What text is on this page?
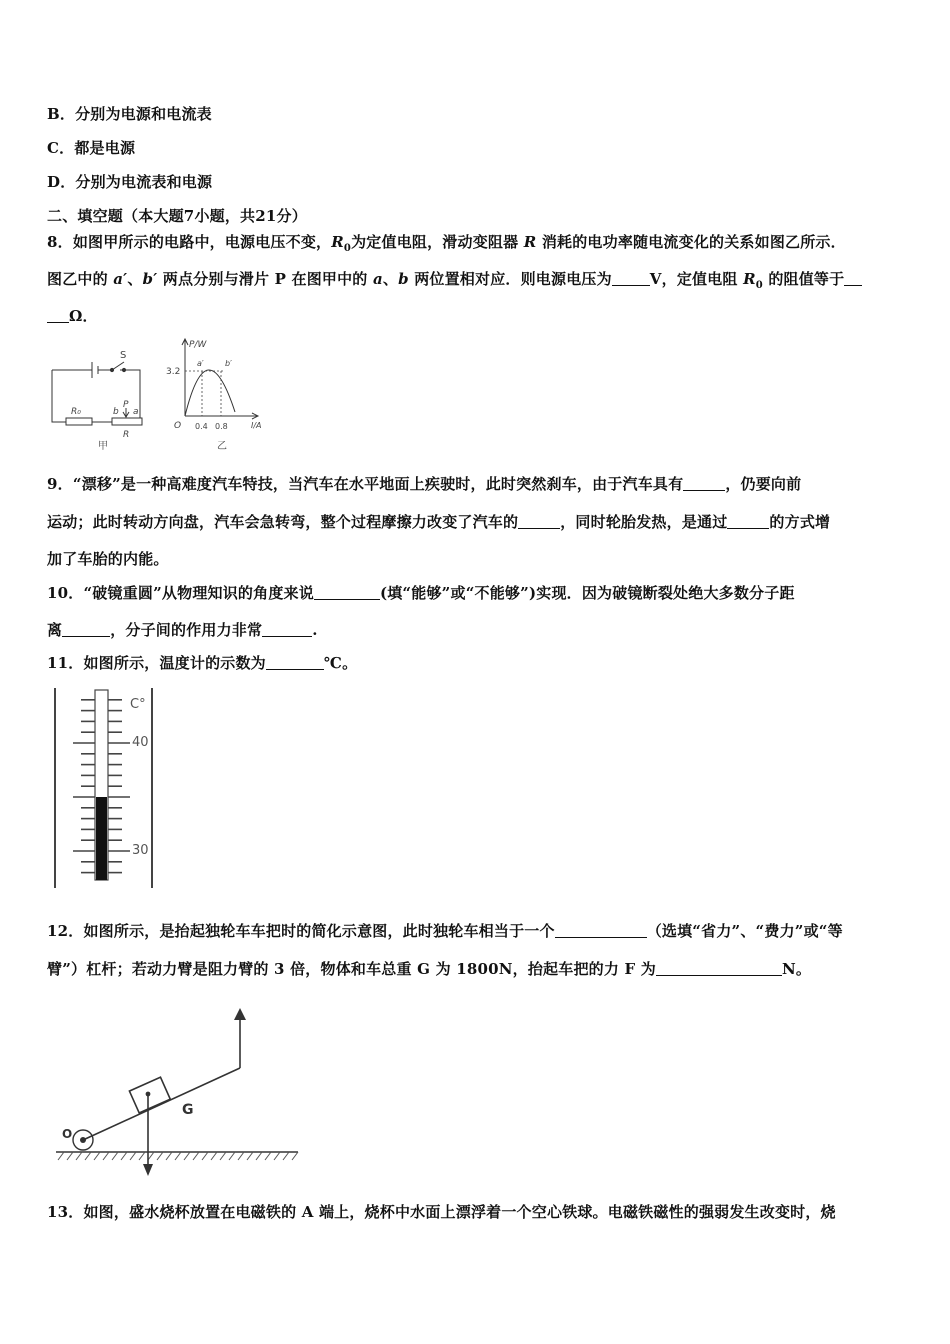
B．分别为电源和电流表
C．都是电源
D．分别为电流表和电源
二、填空题（本大题7小题，共21分）
8．如图甲所示的电路中，电源电压不变，$R_0$为定值电阻，滑动变阻器 R 消耗的电功率随电流变化的关系如图乙所示．
图乙中的 a′、b′ 两点分别与滑片 P 在图甲中的 a、b 两位置相对应．则电源电压为	V，定值电阻 $R_0$ 的阻值等于
Ω．
S
R₀	b
P
a
R
甲
P/W
3.2
a′	b′
O 0.4 0.8	I/A
乙
9．“漂移”是一种高难度汽车特技，当汽车在水平地面上疾驶时，此时突然刹车，由于汽车具有	，仍要向前
运动；此时转动方向盘，汽车会急转弯，整个过程摩擦力改变了汽车的	，同时轮胎发热，是通过	的方式增
加了车胎的内能。
10．“破镜重圆”从物理知识的角度来说	(填“能够”或“不能够”)实现．因为破镜断裂处绝大多数分子距
离	，分子间的作用力非常	.
11．如图所示，温度计的示数为	℃。
C°
40
30
12．如图所示，是抬起独轮车车把时的简化示意图，此时独轮车相当于一个	（选填“省力”、“费力”或“等
臂”）杠杆；若动力臂是阻力臂的 3 倍，物体和车总重 G 为 1800N，抬起车把的力 F 为	N。
O
G
13．如图，盛水烧杯放置在电磁铁的 A 端上，烧杯中水面上漂浮着一个空心铁球。电磁铁磁性的强弱发生改变时，烧
